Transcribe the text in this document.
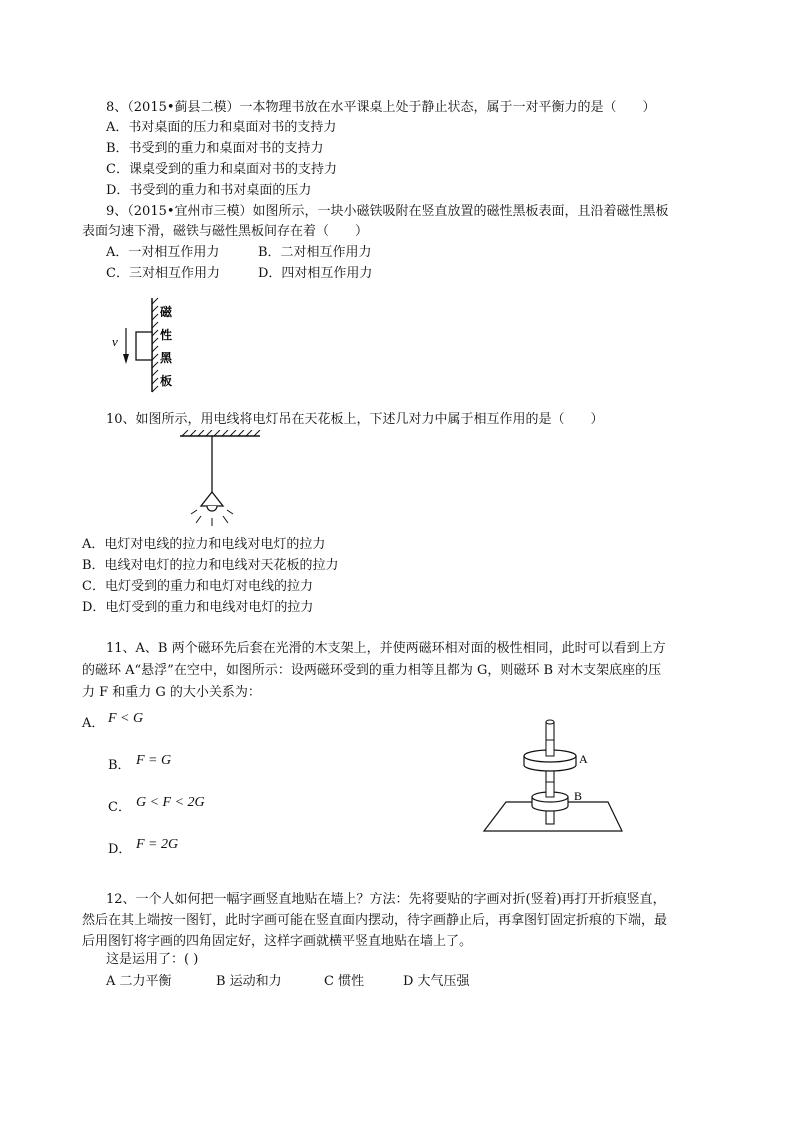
8、（2015•蓟县二模）一本物理书放在水平课桌上处于静止状态，属于一对平衡力的是（　　）
A．书对桌面的压力和桌面对书的支持力
B．书受到的重力和桌面对书的支持力
C．课桌受到的重力和桌面对书的支持力
D．书受到的重力和书对桌面的压力
9、（2015•宜州市三模）如图所示，一块小磁铁吸附在竖直放置的磁性黑板表面，且沿着磁性黑板
表面匀速下滑，磁铁与磁性黑板间存在着（　　）
A．一对相互作用力	B．二对相互作用力
C．三对相互作用力	D．四对相互作用力
v
磁
性
黑
板
10、如图所示，用电线将电灯吊在天花板上，下述几对力中属于相互作用的是（　　）
A．电灯对电线的拉力和电线对电灯的拉力
B．电线对电灯的拉力和电线对天花板的拉力
C．电灯受到的重力和电灯对电线的拉力
D．电灯受到的重力和电线对电灯的拉力
11、A、B 两个磁环先后套在光滑的木支架上，并使两磁环相对面的极性相同，此时可以看到上方
的磁环 A“悬浮”在空中，如图所示：设两磁环受到的重力相等且都为 G，则磁环 B 对木支架底座的压
力 F 和重力 G 的大小关系为：
A． F < G
B． F = G
C． G < F < 2G
D． F = 2G
A
B
12、一个人如何把一幅字画竖直地贴在墙上？方法：先将要贴的字画对折(竖着)再打开折痕竖直，
然后在其上端按一图钉，此时字画可能在竖直面内摆动，待字画静止后，再拿图钉固定折痕的下端，最
后用图钉将字画的四角固定好，这样字画就横平竖直地贴在墙上了。
这是运用了：( )
A 二力平衡	B 运动和力	C 惯性	D 大气压强
